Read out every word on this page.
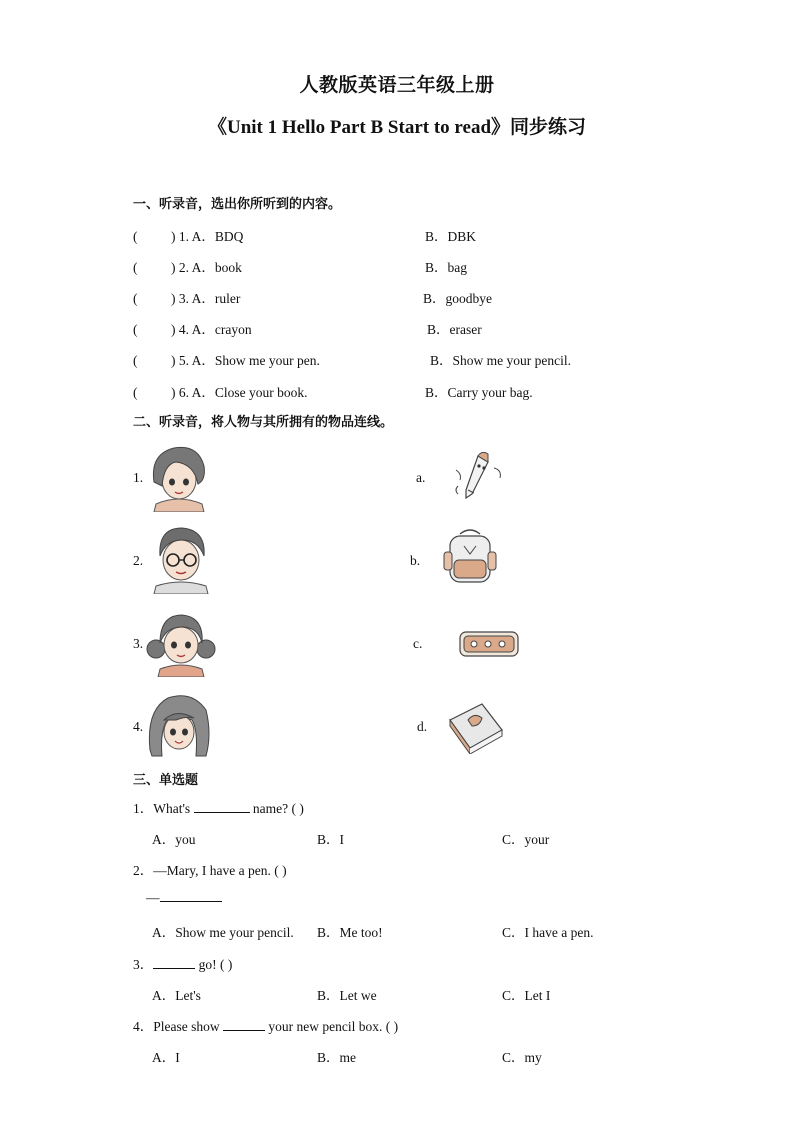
人教版英语三年级上册
《Unit 1 Hello Part B Start to read》同步练习
一、听录音，选出你所听到的内容。
( ) 1. A．BDQ	B．DBK
( ) 2. A．book	B．bag
( ) 3. A．ruler	B．goodbye
( ) 4. A．crayon	B．eraser
( ) 5. A．Show me your pen.	B．Show me your pencil.
( ) 6. A．Close your book.	B．Carry your bag.
二、听录音，将人物与其所拥有的物品连线。
1.
2.
3.
4.
a.
b.
c.
d.
三、单选题
1．What's	name? ( )
A．you	B．I	C．your
2．—Mary, I have a pen. ( )
—
A．Show me your pencil. B．Me too!	C．I have a pen.
3．	go! ( )
A．Let's	B．Let we	C．Let I
4．Please show	your new pencil box. ( )
A．I	B．me	C．my
